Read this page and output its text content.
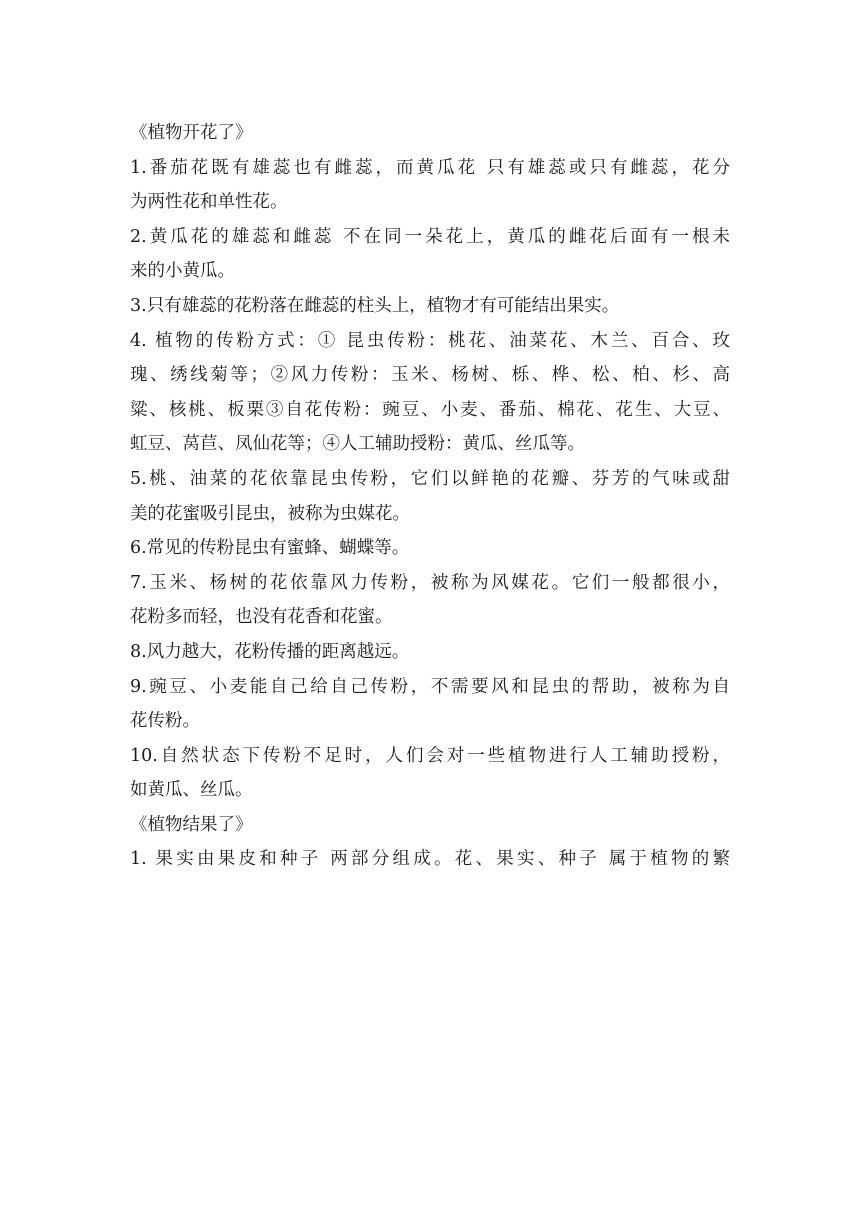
《植物开花了》
1.番茄花既有雄蕊也有雌蕊，而黄瓜花 只有雄蕊或只有雌蕊，花分
为两性花和单性花。
2.黄瓜花的雄蕊和雌蕊 不在同一朵花上，黄瓜的雌花后面有一根未
来的小黄瓜。
3.只有雄蕊的花粉落在雌蕊的柱头上，植物才有可能结出果实。
4. 植物的传粉方式：① 昆虫传粉：桃花、油菜花、木兰、百合、玫
瑰、绣线菊等；②风力传粉：玉米、杨树、栎、桦、松、柏、杉、高
粱、核桃、板栗③自花传粉：豌豆、小麦、番茄、棉花、花生、大豆、
虹豆、莴苣、凤仙花等；④人工辅助授粉：黄瓜、丝瓜等。
5.桃、油菜的花依靠昆虫传粉，它们以鲜艳的花瓣、芬芳的气味或甜
美的花蜜吸引昆虫，被称为虫媒花。
6.常见的传粉昆虫有蜜蜂、蝴蝶等。
7.玉米、杨树的花依靠风力传粉，被称为风媒花。它们一般都很小，
花粉多而轻，也没有花香和花蜜。
8.风力越大，花粉传播的距离越远。
9.豌豆、小麦能自己给自己传粉，不需要风和昆虫的帮助，被称为自
花传粉。
10.自然状态下传粉不足时，人们会对一些植物进行人工辅助授粉，
如黄瓜、丝瓜。
《植物结果了》
1. 果实由果皮和种子 两部分组成。花、果实、种子 属于植物的繁
